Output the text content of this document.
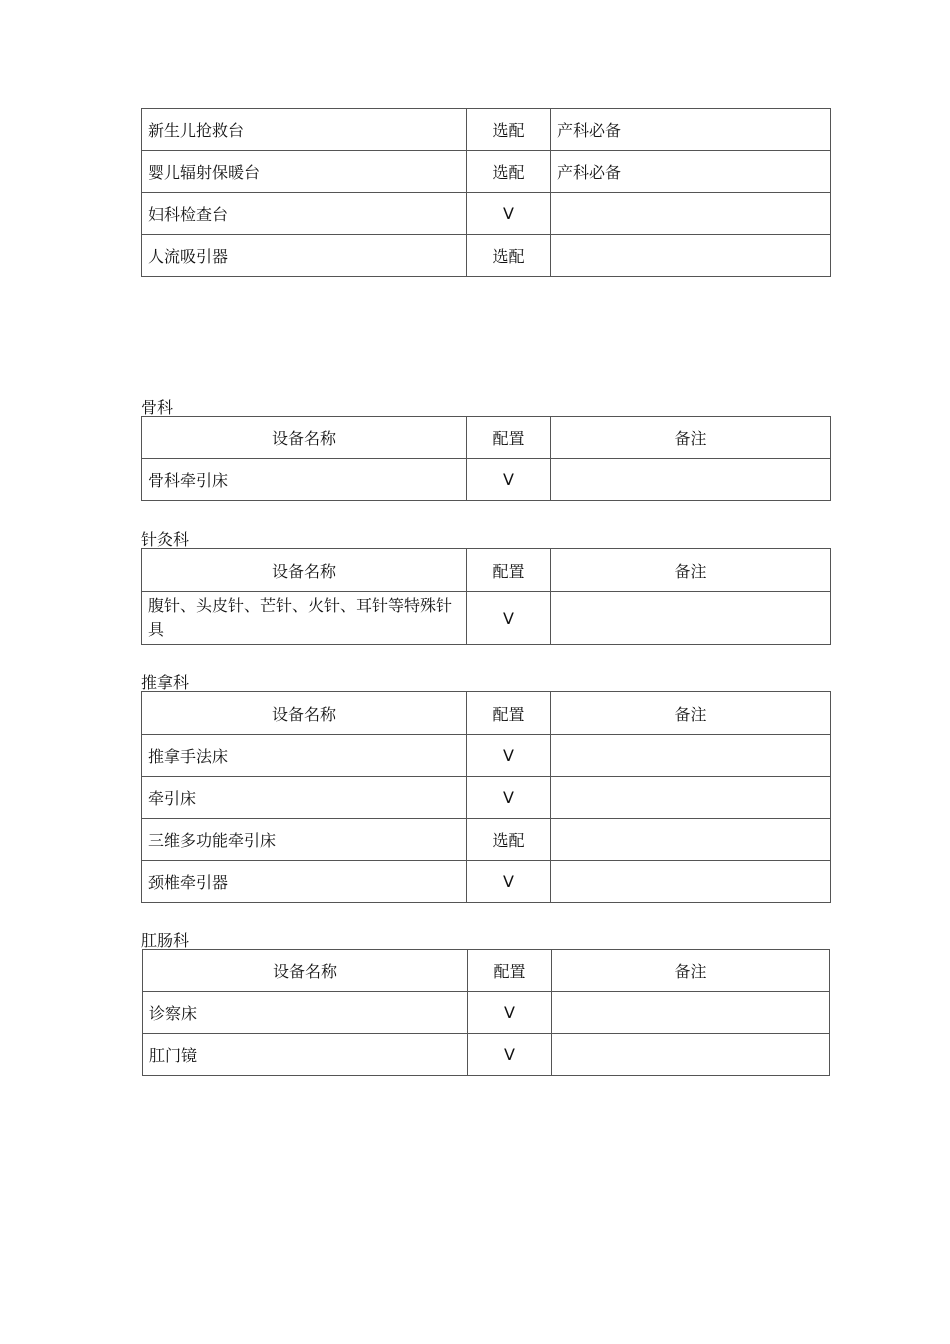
新生儿抢救台	选配	产科必备
婴儿辐射保暖台	选配	产科必备
妇科检查台	V	
人流吸引器	选配	
骨科
设备名称	配置	备注
骨科牵引床	V	
针灸科
设备名称	配置	备注
腹针、头皮针、芒针、火针、耳针等特殊针具	V	
推拿科
设备名称	配置	备注
推拿手法床	V	
牵引床	V	
三维多功能牵引床	选配	
颈椎牵引器	V	
肛肠科
设备名称	配置	备注
诊察床	V	
肛门镜	V	
